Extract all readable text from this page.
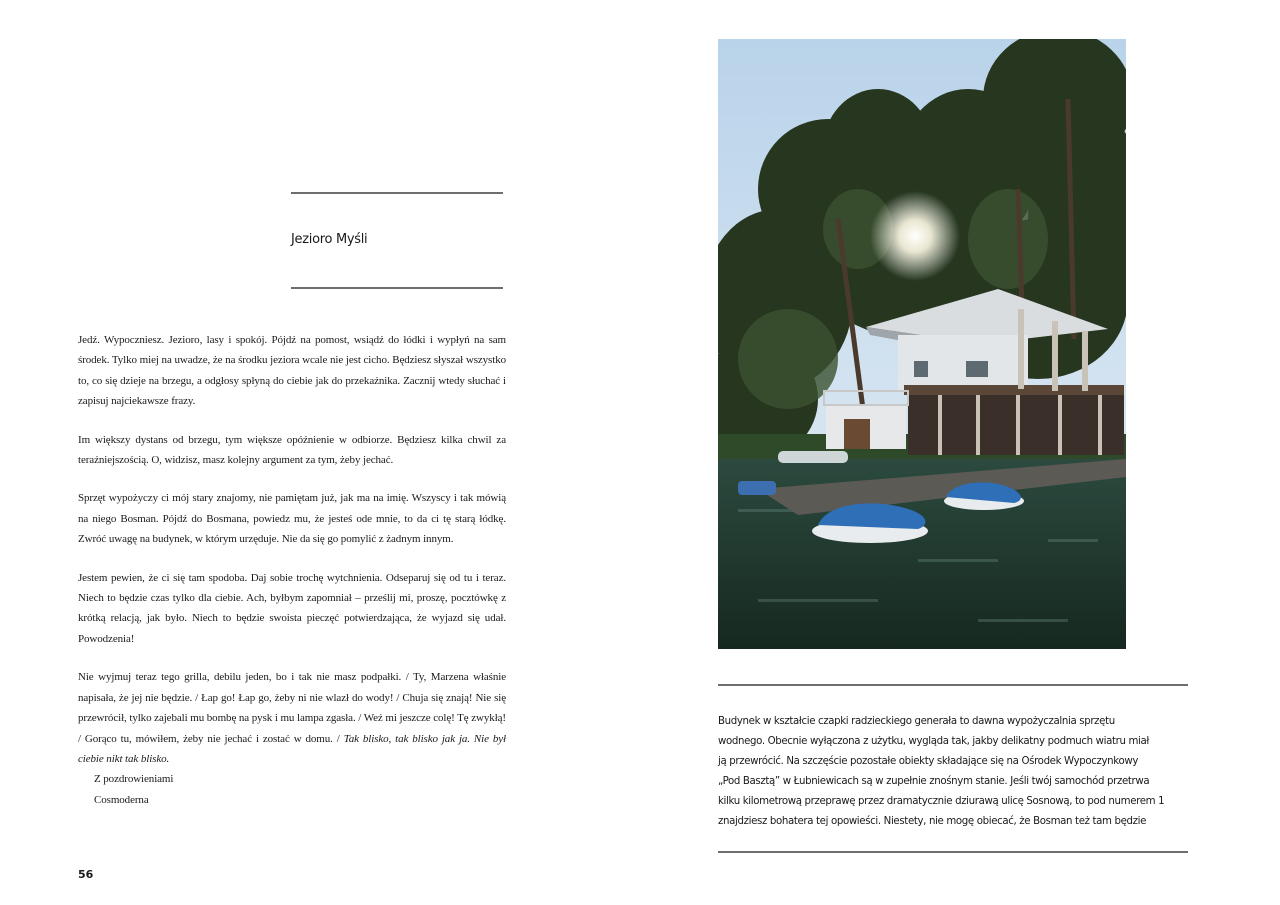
Jezioro Myśli

Jedź. Wypoczniesz. Jezioro, lasy i spokój. Pójdź na pomost, wsiądź do łódki i wypłyń na sam środek. Tylko miej na uwadze, że na środku jeziora wcale nie jest cicho. Będziesz słyszał wszystko to, co się dzieje na brzegu, a odgłosy spłyną do ciebie jak do przekaźnika. Zacznij wtedy słuchać i zapisuj najciekawsze frazy.

Im większy dystans od brzegu, tym większe opóźnienie w odbiorze. Będziesz kilka chwil za teraźniejszością. O, widzisz, masz kolejny argument za tym, żeby jechać.

Sprzęt wypożyczy ci mój stary znajomy, nie pamiętam już, jak ma na imię. Wszyscy i tak mówią na niego Bosman. Pójdź do Bosmana, powiedz mu, że jesteś ode mnie, to da ci tę starą łódkę. Zwróć uwagę na budynek, w którym urzęduje. Nie da się go pomylić z żadnym innym.

Jestem pewien, że ci się tam spodoba. Daj sobie trochę wytchnienia. Odseparuj się od tu i teraz. Niech to będzie czas tylko dla ciebie. Ach, byłbym zapomniał – prześlij mi, proszę, pocztówkę z krótką relacją, jak było. Niech to będzie swoista pieczęć potwierdzająca, że wyjazd się udał. Powodzenia!

Nie wyjmuj teraz tego grilla, debilu jeden, bo i tak nie masz podpałki. / Ty, Marzena właśnie napisała, że jej nie będzie. / Łap go! Łap go, żeby ni nie wlazł do wody! / Chuja się znają! Nie się przewrócił, tylko zajebali mu bombę na pysk i mu lampa zgasła. / Weź mi jeszcze colę! Tę zwykłą! / Gorąco tu, mówiłem, żeby nie jechać i zostać w domu. / Tak blisko, tak blisko jak ja. Nie był ciebie nikt tak blisko.

Z pozdrowieniami
Cosmoderna
56
Budynek w kształcie czapki radzieckiego generała to dawna wypożyczalnia sprzętu
wodnego. Obecnie wyłączona z użytku, wygląda tak, jakby delikatny podmuch wiatru miał
ją przewrócić. Na szczęście pozostałe obiekty składające się na Ośrodek Wypoczynkowy
„Pod Basztą” w Łubniewicach są w zupełnie znośnym stanie. Jeśli twój samochód przetrwa
kilku kilometrową przeprawę przez dramatycznie dziurawą ulicę Sosnową, to pod numerem 1
znajdziesz bohatera tej opowieści. Niestety, nie mogę obiecać, że Bosman też tam będzie
